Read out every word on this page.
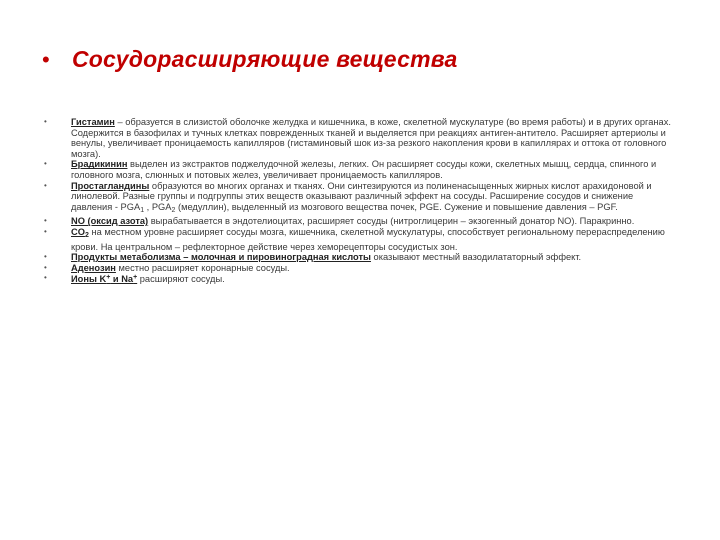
• Сосудорасширяющие вещества
•	Гистамин – образуется в слизистой оболочке желудка и кишечника, в коже, скелетной мускулатуре (во время работы) и в других органах. Содержится в базофилах и тучных клетках поврежденных тканей и выделяется при реакциях антиген-антитело. Расширяет артериолы и венулы, увеличивает проницаемость капилляров (гистаминовый шок из-за резкого накопления крови в капиллярах и оттока от головного мозга).
•	Брадикинин выделен из экстрактов поджелудочной железы, легких. Он расширяет сосуды кожи, скелетных мышц, сердца, спинного и головного мозга, слюнных и потовых желез, увеличивает проницаемость капилляров.
•	Простагландины образуются во многих органах и тканях. Они синтезируются из полиненасыщенных жирных кислот арахидоновой и линолевой. Разные группы и подгруппы этих веществ оказывают различный эффект на сосуды. Расширение сосудов и снижение давления - $PGA_1$ , $PGA_2$ (медуллин), выделенный из мозгового вещества почек, PGE. Сужение и повышение давления – PGF.
•	NO (оксид азота) вырабатывается в эндотелиоцитах, расширяет сосуды (нитроглицерин – экзогенный донатор NO). Паракринно.
•	$CO_2$ на местном уровне расширяет сосуды мозга, кишечника, скелетной мускулатуры, способствует региональному перераспределению крови. На центральном – рефлекторное действие через хеморецепторы сосудистых зон.
•	Продукты метаболизма – молочная и пировиноградная кислоты оказывают местный вазодилататорный эффект.
•	Аденозин местно расширяет коронарные сосуды.
•	Ионы K+ и Na+ расширяют сосуды.
